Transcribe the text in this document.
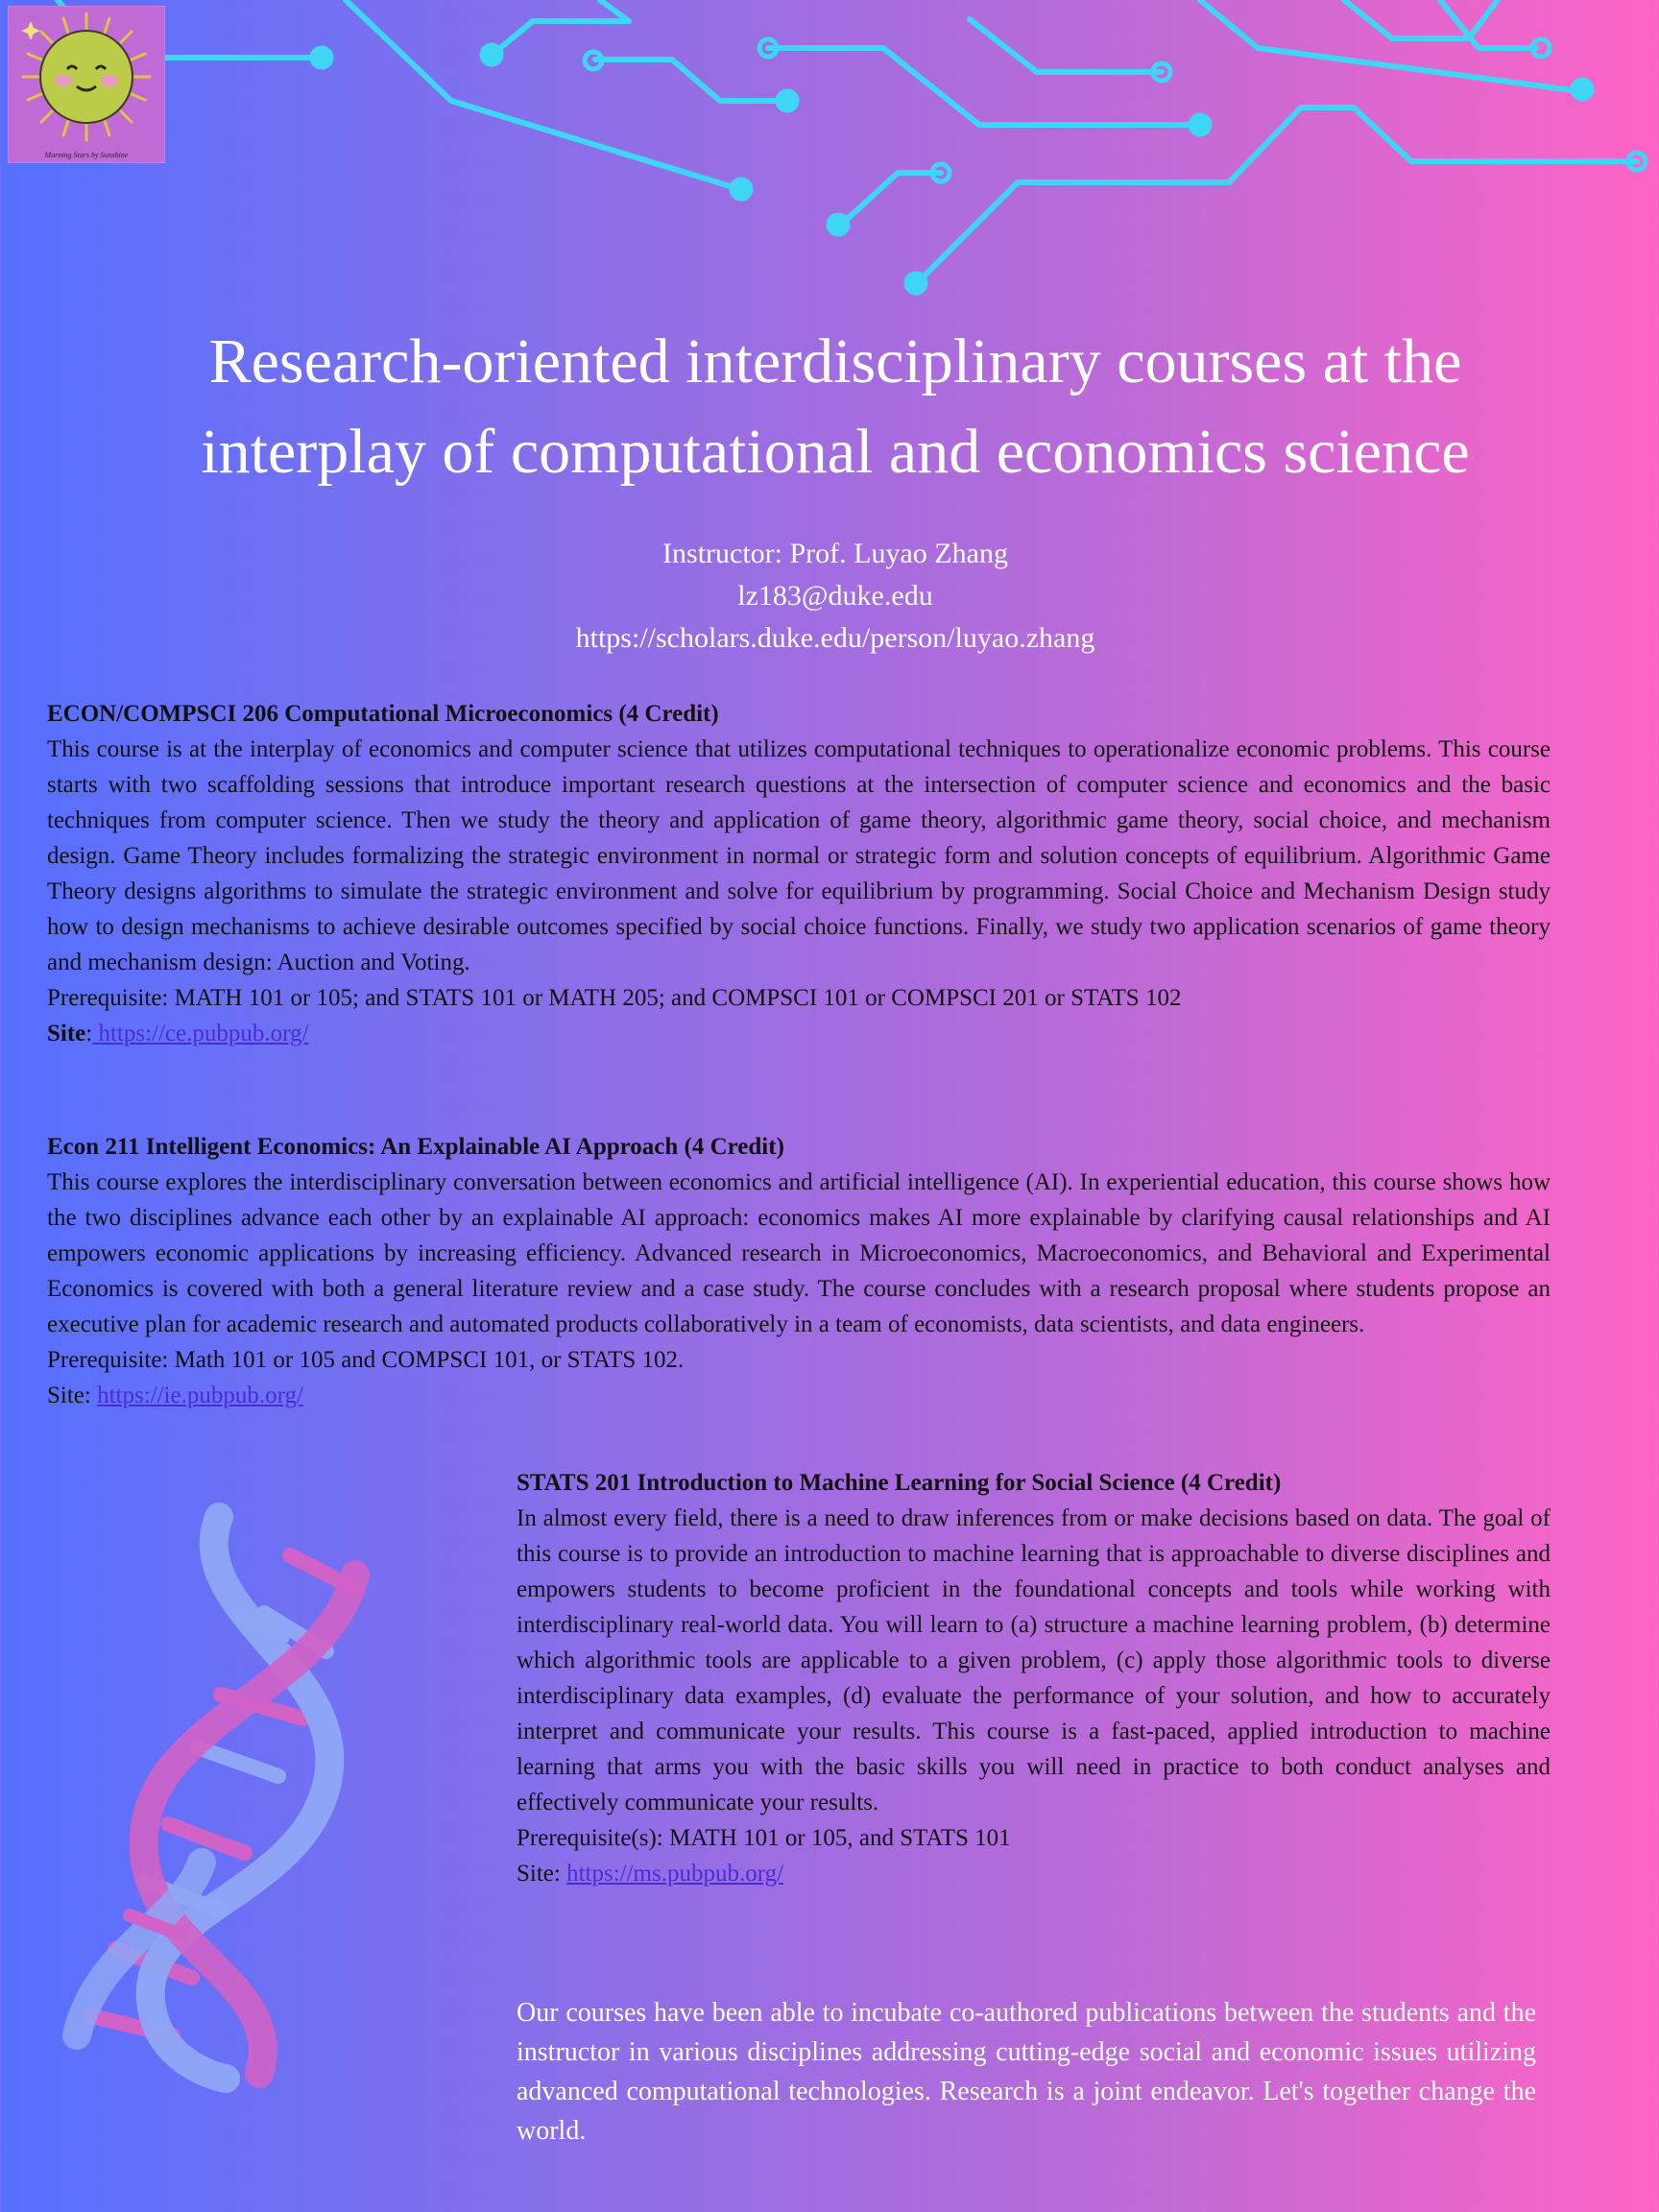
Morning Stars by Sunshine
Research-oriented interdisciplinary courses at the
interplay of computational and economics science
Instructor: Prof. Luyao Zhang
lz183@duke.edu
https://scholars.duke.edu/person/luyao.zhang
ECON/COMPSCI 206 Computational Microeconomics (4 Credit)
This course is at the interplay of economics and computer science that utilizes computational techniques to operationalize economic problems. This course starts with two scaffolding sessions that introduce important research questions at the intersection of computer science and economics and the basic techniques from computer science. Then we study the theory and application of game theory, algorithmic game theory, social choice, and mechanism design. Game Theory includes formalizing the strategic environment in normal or strategic form and solution concepts of equilibrium. Algorithmic Game Theory designs algorithms to simulate the strategic environment and solve for equilibrium by programming. Social Choice and Mechanism Design study how to design mechanisms to achieve desirable outcomes specified by social choice functions. Finally, we study two application scenarios of game theory and mechanism design: Auction and Voting.
Prerequisite: MATH 101 or 105; and STATS 101 or MATH 205; and COMPSCI 101 or COMPSCI 201 or STATS 102
Site: https://ce.pubpub.org/
Econ 211 Intelligent Economics: An Explainable AI Approach (4 Credit)
This course explores the interdisciplinary conversation between economics and artificial intelligence (AI). In experiential education, this course shows how the two disciplines advance each other by an explainable AI approach: economics makes AI more explainable by clarifying causal relationships and AI empowers economic applications by increasing efficiency. Advanced research in Microeconomics, Macroeconomics, and Behavioral and Experimental Economics is covered with both a general literature review and a case study. The course concludes with a research proposal where students propose an executive plan for academic research and automated products collaboratively in a team of economists, data scientists, and data engineers.
Prerequisite: Math 101 or 105 and COMPSCI 101, or STATS 102.
Site: https://ie.pubpub.org/
STATS 201 Introduction to Machine Learning for Social Science (4 Credit)
In almost every field, there is a need to draw inferences from or make decisions based on data. The goal of this course is to provide an introduction to machine learning that is approachable to diverse disciplines and empowers students to become proficient in the foundational concepts and tools while working with interdisciplinary real-world data. You will learn to (a) structure a machine learning problem, (b) determine which algorithmic tools are applicable to a given problem, (c) apply those algorithmic tools to diverse interdisciplinary data examples, (d) evaluate the performance of your solution, and how to accurately interpret and communicate your results. This course is a fast-paced, applied introduction to machine learning that arms you with the basic skills you will need in practice to both conduct analyses and effectively communicate your results.
Prerequisite(s): MATH 101 or 105, and STATS 101
Site: https://ms.pubpub.org/
Our courses have been able to incubate co-authored publications between the students and the instructor in various disciplines addressing cutting-edge social and economic issues utilizing advanced computational technologies. Research is a joint endeavor. Let's together change the world.
